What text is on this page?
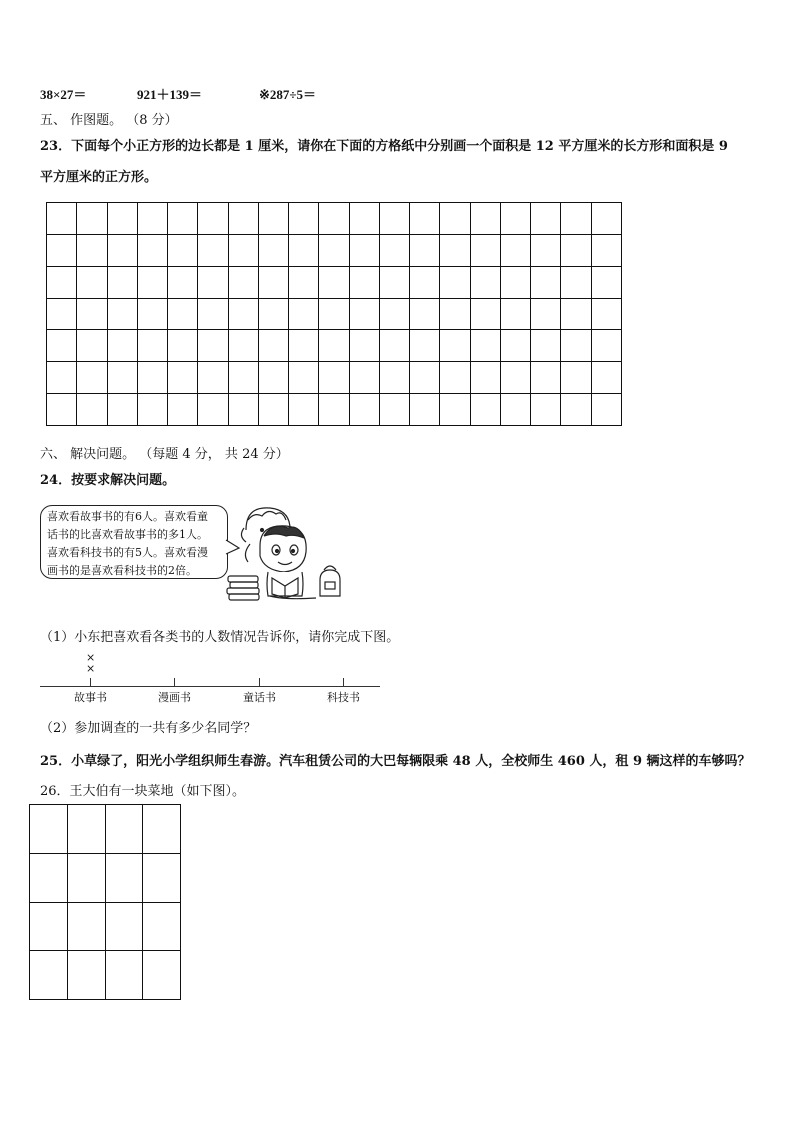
38×27＝	921＋139＝	※287÷5＝
五、 作图题。 （8 分）
23．下面每个小正方形的边长都是 1 厘米，请你在下面的方格纸中分别画一个面积是 12 平方厘米的长方形和面积是 9
平方厘米的正方形。

六、 解决问题。 （每题 4 分， 共 24 分）
24．按要求解决问题。
喜欢看故事书的有6人。喜欢看童
话书的比喜欢看故事书的多1人。
喜欢看科技书的有5人。喜欢看漫
画书的是喜欢看科技书的2倍。
（1）小东把喜欢看各类书的人数情况告诉你，请你完成下图。
×
×
故事书	漫画书	童话书	科技书
（2）参加调查的一共有多少名同学？
25．小草绿了，阳光小学组织师生春游。汽车租赁公司的大巴每辆限乘 48 人，全校师生 460 人，租 9 辆这样的车够吗？
26．王大伯有一块菜地（如下图）。
